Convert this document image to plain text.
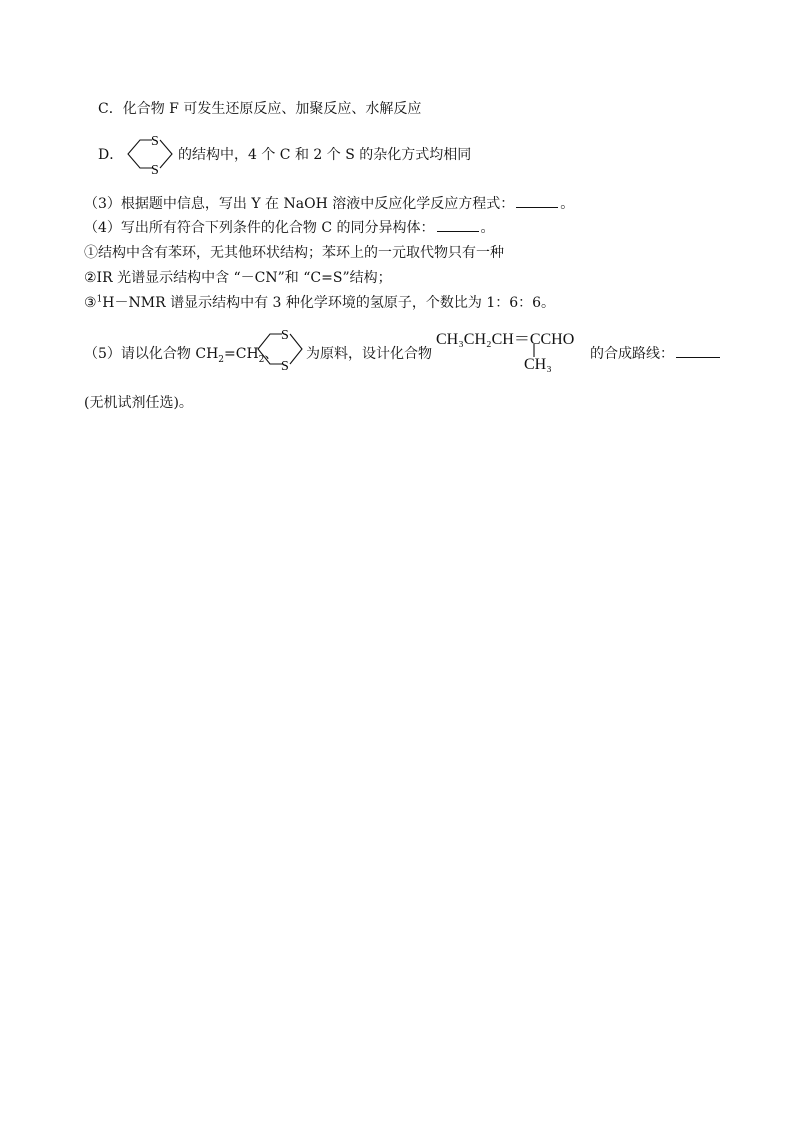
C．化合物 F 可发生还原反应、加聚反应、水解反应
D．
S
S
的结构中，4 个 C 和 2 个 S 的杂化方式均相同
（3）根据题中信息，写出 Y 在 NaOH 溶液中反应化学反应方程式：	。
（4）写出所有符合下列条件的化合物 C 的同分异构体：	。
①结构中含有苯环，无其他环状结构；苯环上的一元取代物只有一种
②IR 光谱显示结构中含 “－CN”和 “C=S”结构；
③$^1$H－NMR 谱显示结构中有 3 种化学环境的氢原子，个数比为 1：6：6。
（5）请以化合物 $CH_2=CH_2$、
S
S
为原料，设计化合物
CH₃CH₂CH＝CCHO
CH₃
的合成路线：
(无机试剂任选)。
